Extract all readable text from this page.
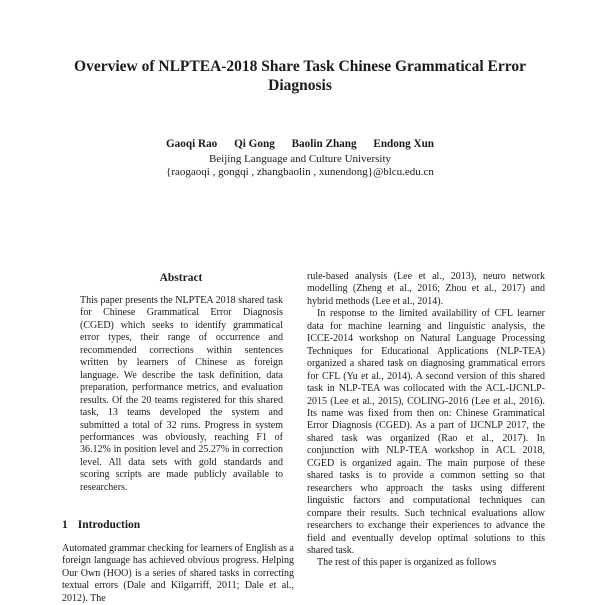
Overview of NLPTEA-2018 Share Task Chinese Grammatical Error Diagnosis
Gaoqi Rao Qi Gong Baolin Zhang Endong Xun
Beijing Language and Culture University
{raogaoqi , gongqi , zhangbaolin , xunendong}@blcu.edu.cn
Abstract

This paper presents the NLPTEA 2018 shared task for Chinese Grammatical Error Diagnosis (CGED) which seeks to identify grammatical error types, their range of occurrence and recommended corrections within sentences written by learners of Chinese as foreign language. We describe the task definition, data preparation, performance metrics, and evaluation results. Of the 20 teams registered for this shared task, 13 teams developed the system and submitted a total of 32 runs. Progress in system performances was obviously, reaching F1 of 36.12% in position level and 25.27% in correction level. All data sets with gold standards and scoring scripts are made publicly available to researchers.

1 Introduction

Automated grammar checking for learners of English as a foreign language has achieved obvious progress. Helping Our Own (HOO) is a series of shared tasks in correcting textual errors (Dale and Kilgarriff, 2011; Dale et al., 2012). The

rule-based analysis (Lee et al., 2013), neuro network modelling (Zheng et al., 2016; Zhou et al., 2017) and hybrid methods (Lee et al., 2014).

In response to the limited availability of CFL learner data for machine learning and linguistic analysis, the ICCE-2014 workshop on Natural Language Processing Techniques for Educational Applications (NLP-TEA) organized a shared task on diagnosing grammatical errors for CFL (Yu et al., 2014). A second version of this shared task in NLP-TEA was collocated with the ACL-IJCNLP-2015 (Lee et al., 2015), COLING-2016 (Lee et al., 2016). Its name was fixed from then on: Chinese Grammatical Error Diagnosis (CGED). As a part of IJCNLP 2017, the shared task was organized (Rao et al., 2017). In conjunction with NLP-TEA workshop in ACL 2018, CGED is organized again. The main purpose of these shared tasks is to provide a common setting so that researchers who approach the tasks using different linguistic factors and computational techniques can compare their results. Such technical evaluations allow researchers to exchange their experiences to advance the field and eventually develop optimal solutions to this shared task.

The rest of this paper is organized as follows
